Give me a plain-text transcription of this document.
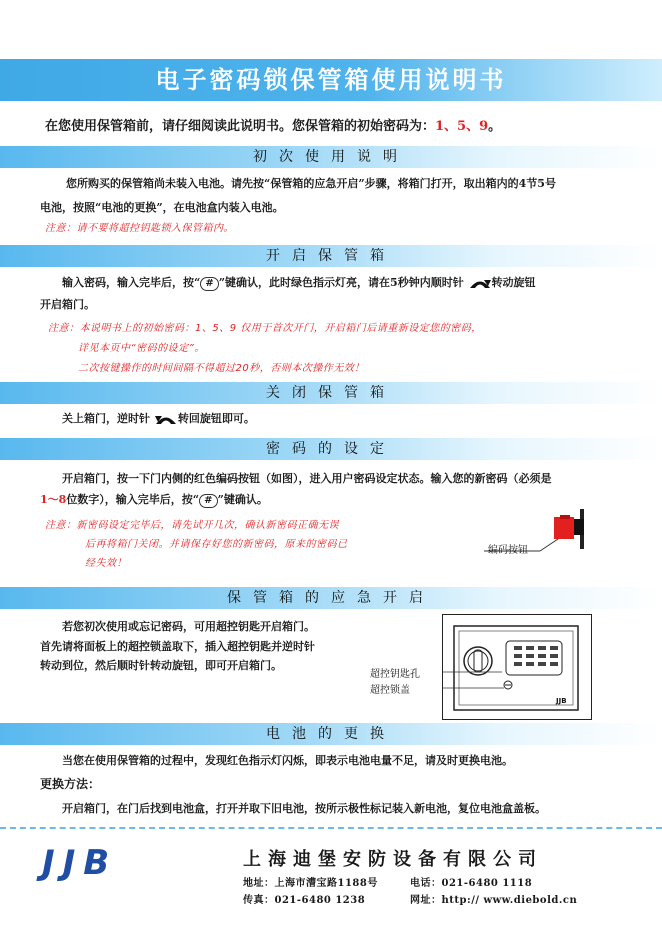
电子密码锁保管箱使用说明书
在您使用保管箱前，请仔细阅读此说明书。您保管箱的初始密码为：1、5、9。
初次使用说明
您所购买的保管箱尚未装入电池。请先按“保管箱的应急开启”步骤，将箱门打开，取出箱内的4节5号
电池，按照“电池的更换”，在电池盒内装入电池。
注意：请不要将超控钥匙锁入保管箱内。
开启保管箱
输入密码，输入完毕后，按“ # ”键确认，此时绿色指示灯亮，请在5秒钟内顺时针	转动旋钮
开启箱门。
注意：本说明书上的初始密码：1、5、9 仅用于首次开门，开启箱门后请重新设定您的密码，
详见本页中“密码的设定”。
二次按键操作的时间间隔不得超过20秒，否则本次操作无效！
关闭保管箱
关上箱门，逆时针	转回旋钮即可。
密码的设定
开启箱门，按一下门内侧的红色编码按钮（如图），进入用户密码设定状态。输入您的新密码（必须是
1～8位数字），输入完毕后，按“ # ”键确认。
注意：新密码设定完毕后，请先试开几次，确认新密码正确无误
后再将箱门关闭。并请保存好您的新密码，原来的密码已
经失效！
编码按钮
保管箱的应急开启
若您初次使用或忘记密码，可用超控钥匙开启箱门。
首先请将面板上的超控锁盖取下，插入超控钥匙并逆时针
转动到位，然后顺时针转动旋钮，即可开启箱门。
超控钥匙孔
超控锁盖
JJB
电池的更换
当您在使用保管箱的过程中，发现红色指示灯闪烁，即表示电池电量不足，请及时更换电池。
更换方法：
开启箱门，在门后找到电池盒，打开并取下旧电池，按所示极性标记装入新电池，复位电池盒盖板。
JJB	上海迪堡安防设备有限公司
地址：上海市漕宝路1188号	电话：021-6480 1118
传真：021-6480 1238	网址：http:// www.diebold.cn
